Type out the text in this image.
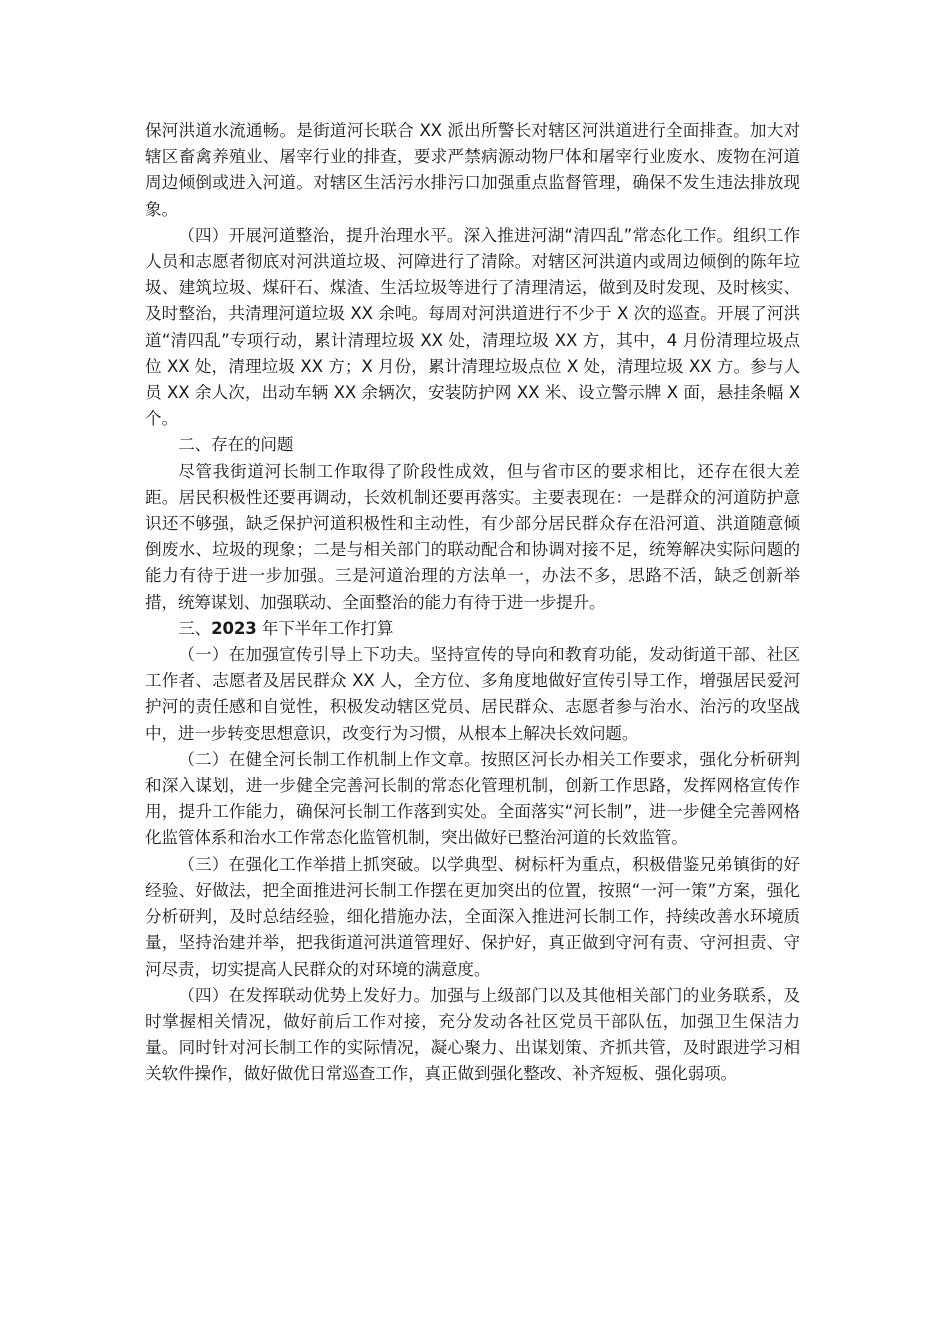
保河洪道水流通畅。是街道河长联合 XX 派出所警长对辖区河洪道进行全面排查。加大对辖区畜禽养殖业、屠宰行业的排查，要求严禁病源动物尸体和屠宰行业废水、废物在河道周边倾倒或进入河道。对辖区生活污水排污口加强重点监督管理，确保不发生违法排放现象。

（四）开展河道整治，提升治理水平。深入推进河湖“清四乱”常态化工作。组织工作人员和志愿者彻底对河洪道垃圾、河障进行了清除。对辖区河洪道内或周边倾倒的陈年垃圾、建筑垃圾、煤矸石、煤渣、生活垃圾等进行了清理清运，做到及时发现、及时核实、及时整治，共清理河道垃圾 XX 余吨。每周对河洪道进行不少于 X 次的巡查。开展了河洪道“清四乱”专项行动，累计清理垃圾 XX 处，清理垃圾 XX 方，其中，4 月份清理垃圾点位 XX 处，清理垃圾 XX 方；X 月份，累计清理垃圾点位 X 处，清理垃圾 XX 方。参与人员 XX 余人次，出动车辆 XX 余辆次，安装防护网 XX 米、设立警示牌 X 面，悬挂条幅 X 个。

二、存在的问题

尽管我街道河长制工作取得了阶段性成效，但与省市区的要求相比，还存在很大差距。居民积极性还要再调动，长效机制还要再落实。主要表现在：一是群众的河道防护意识还不够强，缺乏保护河道积极性和主动性，有少部分居民群众存在沿河道、洪道随意倾倒废水、垃圾的现象；二是与相关部门的联动配合和协调对接不足，统筹解决实际问题的能力有待于进一步加强。三是河道治理的方法单一，办法不多，思路不活，缺乏创新举措，统筹谋划、加强联动、全面整治的能力有待于进一步提升。

三、2023 年下半年工作打算

（一）在加强宣传引导上下功夫。坚持宣传的导向和教育功能，发动街道干部、社区工作者、志愿者及居民群众 XX 人，全方位、多角度地做好宣传引导工作，增强居民爱河护河的责任感和自觉性，积极发动辖区党员、居民群众、志愿者参与治水、治污的攻坚战中，进一步转变思想意识，改变行为习惯，从根本上解决长效问题。

（二）在健全河长制工作机制上作文章。按照区河长办相关工作要求，强化分析研判和深入谋划，进一步健全完善河长制的常态化管理机制，创新工作思路，发挥网格宣传作用，提升工作能力，确保河长制工作落到实处。全面落实“河长制”，进一步健全完善网格化监管体系和治水工作常态化监管机制，突出做好已整治河道的长效监管。

（三）在强化工作举措上抓突破。以学典型、树标杆为重点，积极借鉴兄弟镇街的好经验、好做法，把全面推进河长制工作摆在更加突出的位置，按照“一河一策”方案，强化分析研判，及时总结经验，细化措施办法，全面深入推进河长制工作，持续改善水环境质量，坚持治建并举，把我街道河洪道管理好、保护好，真正做到守河有责、守河担责、守河尽责，切实提高人民群众的对环境的满意度。

（四）在发挥联动优势上发好力。加强与上级部门以及其他相关部门的业务联系，及时掌握相关情况，做好前后工作对接，充分发动各社区党员干部队伍，加强卫生保洁力量。同时针对河长制工作的实际情况，凝心聚力、出谋划策、齐抓共管，及时跟进学习相关软件操作，做好做优日常巡查工作，真正做到强化整改、补齐短板、强化弱项。
